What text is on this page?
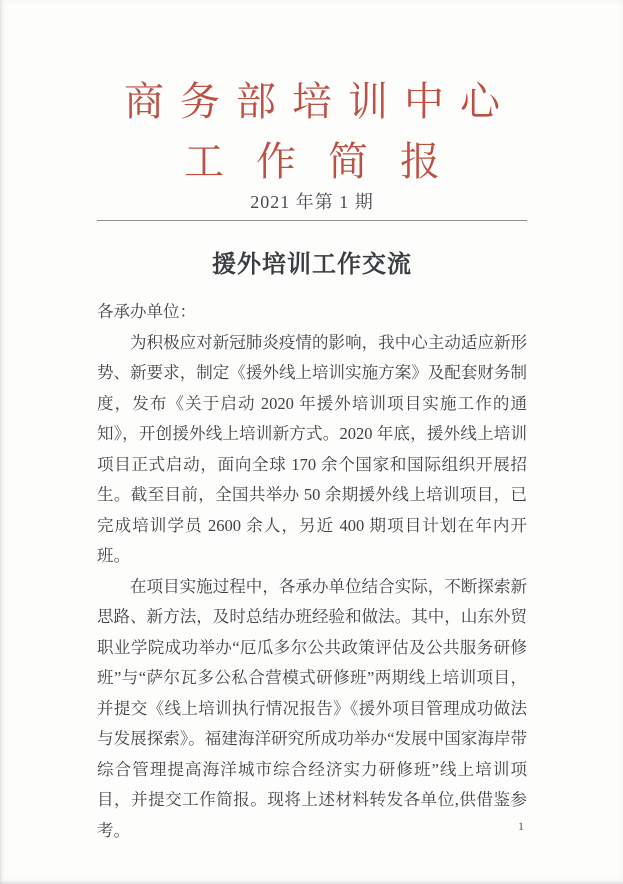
商务部培训中心
工作简报
2021 年第 1 期
援外培训工作交流
各承办单位：

为积极应对新冠肺炎疫情的影响，我中心主动适应新形势、新要求，制定《援外线上培训实施方案》及配套财务制度，发布《关于启动 2020 年援外培训项目实施工作的通知》，开创援外线上培训新方式。2020 年底，援外线上培训项目正式启动，面向全球 170 余个国家和国际组织开展招生。截至目前，全国共举办 50 余期援外线上培训项目，已完成培训学员 2600 余人，另近 400 期项目计划在年内开班。

在项目实施过程中，各承办单位结合实际，不断探索新思路、新方法，及时总结办班经验和做法。其中，山东外贸职业学院成功举办“厄瓜多尔公共政策评估及公共服务研修班”与“萨尔瓦多公私合营模式研修班”两期线上培训项目，并提交《线上培训执行情况报告》《援外项目管理成功做法与发展探索》。福建海洋研究所成功举办“发展中国家海岸带综合管理提高海洋城市综合经济实力研修班”线上培训项目，并提交工作简报。现将上述材料转发各单位,供借鉴参考。	1
